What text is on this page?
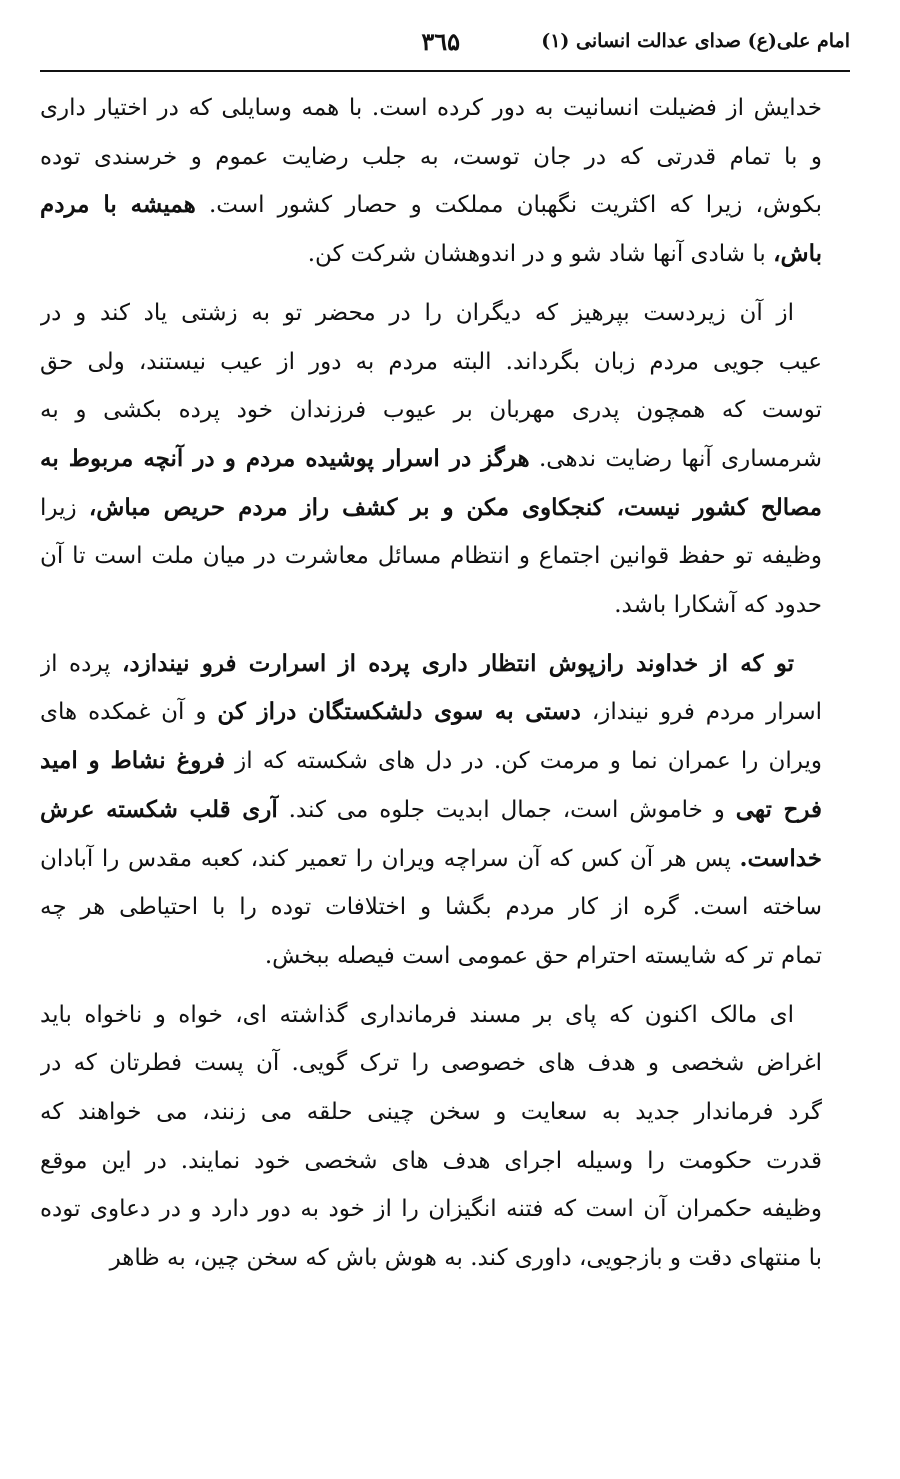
امام علی(ع) صدای عدالت انسانی (۱)
۳٦۵
خدایش از فضیلت انسانیت به دور کرده است. با همه وسایلی که در اختیار داری
و با تمام قدرتی که در جان توست، به جلب رضایت عموم و خرسندی توده
بکوش، زیرا که اکثریت نگهبان مملکت و حصار کشور است. همیشه با مردم
باش، با شادی آنها شاد شو و در اندوهشان شرکت کن.
از آن زیردست بپرهیز که دیگران را در محضر تو به زشتی یاد کند و در
عیب جویی مردم زبان بگرداند. البته مردم به دور از عیب نیستند، ولی حق
توست که همچون پدری مهربان بر عیوب فرزندان خود پرده بکشی و به
شرمساری آنها رضایت ندهی. هرگز در اسرار پوشیده مردم و در آنچه مربوط به
مصالح کشور نیست، کنجکاوی مکن و بر کشف راز مردم حریص مباش، زیرا
وظیفه تو حفظ قوانین اجتماع و انتظام مسائل معاشرت در میان ملت است تا آن
حدود که آشکارا باشد.
تو که از خداوند رازپوش انتظار داری پرده از اسرارت فرو نیندازد، پرده از
اسرار مردم فرو نینداز، دستی به سوی دلشکستگان دراز کن و آن غمکده های
ویران را عمران نما و مرمت کن. در دل های شکسته که از فروغ نشاط و امید
فرح تهی و خاموش است، جمال ابدیت جلوه می کند. آری قلب شکسته عرش
خداست. پس هر آن کس که آن سراچه ویران را تعمیر کند، کعبه مقدس را آبادان
ساخته است. گره از کار مردم بگشا و اختلافات توده را با احتیاطی هر چه
تمام تر که شایسته احترام حق عمومی است فیصله ببخش.
ای مالک اکنون که پای بر مسند فرمانداری گذاشته ای، خواه و ناخواه باید
اغراض شخصی و هدف های خصوصی را ترک گویی. آن پست فطرتان که در
گرد فرماندار جدید به سعایت و سخن چینی حلقه می زنند، می خواهند که
قدرت حکومت را وسیله اجرای هدف های شخصی خود نمایند. در این موقع
وظیفه حکمران آن است که فتنه انگیزان را از خود به دور دارد و در دعاوی توده
با منتهای دقت و بازجویی، داوری کند. به هوش باش که سخن چین، به ظاهر
